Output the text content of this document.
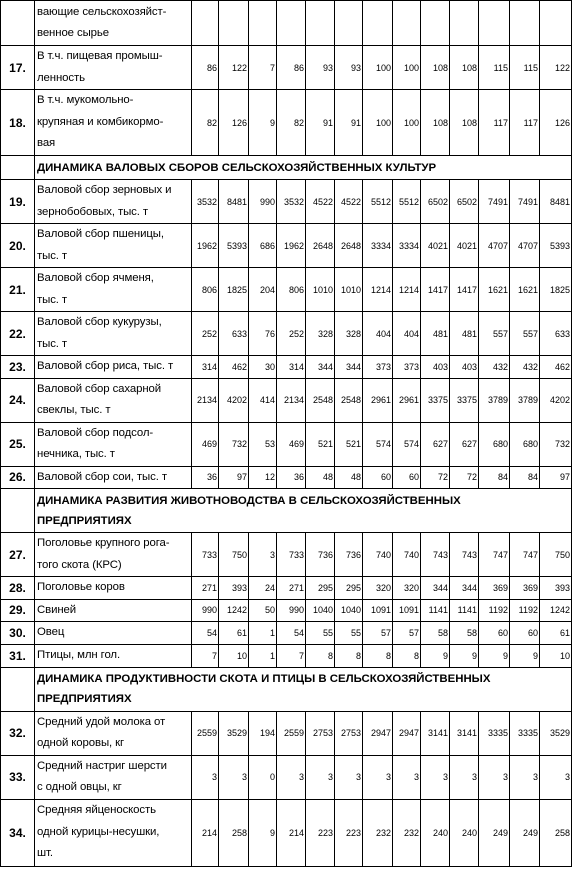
	вающие сельскохозяйст-
венное сырье													
17.	В т.ч. пищевая промыш-
ленность	86	122	7	86	93	93	100	100	108	108	115	115	122
18.	В т.ч. мукомольно-
крупяная и комбикормо-
вая	82	126	9	82	91	91	100	100	108	108	117	117	126
	ДИНАМИКА ВАЛОВЫХ СБОРОВ СЕЛЬСКОХОЗЯЙСТВЕННЫХ КУЛЬТУР													
19.	Валовой сбор зерновых и
зернобобовых, тыс. т	3532	8481	990	3532	4522	4522	5512	5512	6502	6502	7491	7491	8481
20.	Валовой сбор пшеницы,
тыс. т	1962	5393	686	1962	2648	2648	3334	3334	4021	4021	4707	4707	5393
21.	Валовой сбор ячменя,
тыс. т	806	1825	204	806	1010	1010	1214	1214	1417	1417	1621	1621	1825
22.	Валовой сбор кукурузы,
тыс. т	252	633	76	252	328	328	404	404	481	481	557	557	633
23.	Валовой сбор риса, тыс. т	314	462	30	314	344	344	373	373	403	403	432	432	462
24.	Валовой сбор сахарной
свеклы, тыс. т	2134	4202	414	2134	2548	2548	2961	2961	3375	3375	3789	3789	4202
25.	Валовой сбор подсол-
нечника, тыс. т	469	732	53	469	521	521	574	574	627	627	680	680	732
26.	Валовой сбор сои, тыс. т	36	97	12	36	48	48	60	60	72	72	84	84	97
	ДИНАМИКА РАЗВИТИЯ ЖИВОТНОВОДСТВА В СЕЛЬСКОХОЗЯЙСТВЕННЫХ
ПРЕДПРИЯТИЯХ													
27.	Поголовье крупного рога-
того скота (КРС)	733	750	3	733	736	736	740	740	743	743	747	747	750
28.	Поголовье коров	271	393	24	271	295	295	320	320	344	344	369	369	393
29.	Свиней	990	1242	50	990	1040	1040	1091	1091	1141	1141	1192	1192	1242
30.	Овец	54	61	1	54	55	55	57	57	58	58	60	60	61
31.	Птицы, млн гол.	7	10	1	7	8	8	8	8	9	9	9	9	10
	ДИНАМИКА ПРОДУКТИВНОСТИ СКОТА И ПТИЦЫ В СЕЛЬСКОХОЗЯЙСТВЕННЫХ
ПРЕДПРИЯТИЯХ													
32.	Средний удой молока от
одной коровы, кг	2559	3529	194	2559	2753	2753	2947	2947	3141	3141	3335	3335	3529
33.	Средний настриг шерсти
с одной овцы, кг	3	3	0	3	3	3	3	3	3	3	3	3	3
34.	Средняя яйценоскость
одной курицы-несушки,
шт.	214	258	9	214	223	223	232	232	240	240	249	249	258
